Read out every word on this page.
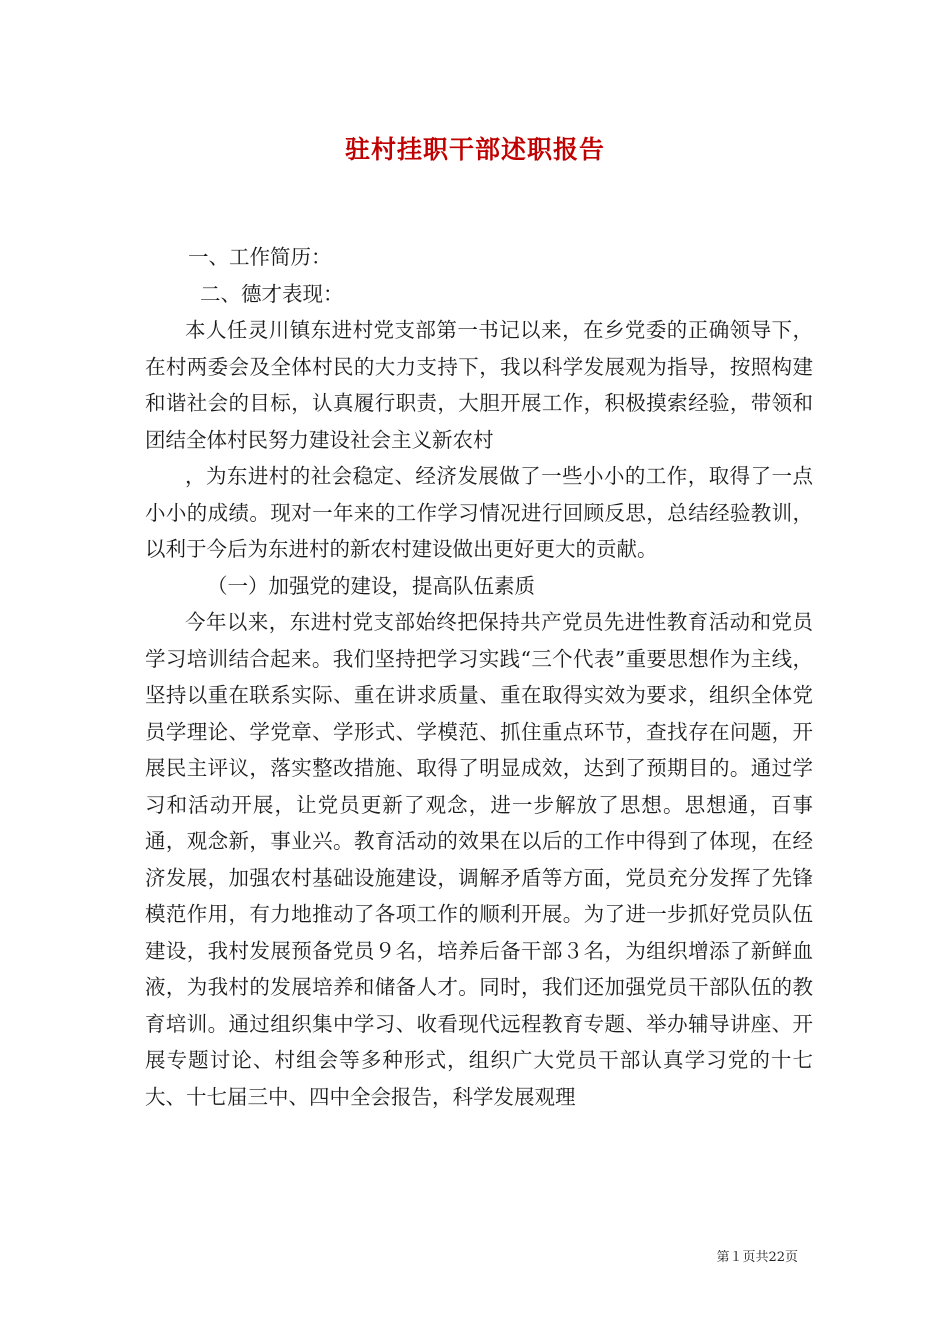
驻村挂职干部述职报告

一、工作简历：

二、德才表现：

本人任灵川镇东进村党支部第一书记以来，在乡党委的正确领导下，在村两委会及全体村民的大力支持下，我以科学发展观为指导，按照构建和谐社会的目标，认真履行职责，大胆开展工作，积极摸索经验，带领和团结全体村民努力建设社会主义新农村

，为东进村的社会稳定、经济发展做了一些小小的工作，取得了一点小小的成绩。现对一年来的工作学习情况进行回顾反思，总结经验教训，以利于今后为东进村的新农村建设做出更好更大的贡献。

（一）加强党的建设，提高队伍素质

今年以来，东进村党支部始终把保持共产党员先进性教育活动和党员学习培训结合起来。我们坚持把学习实践“三个代表”重要思想作为主线，坚持以重在联系实际、重在讲求质量、重在取得实效为要求，组织全体党员学理论、学党章、学形式、学模范、抓住重点环节，查找存在问题，开展民主评议，落实整改措施、取得了明显成效，达到了预期目的。通过学习和活动开展，让党员更新了观念，进一步解放了思想。思想通，百事通，观念新，事业兴。教育活动的效果在以后的工作中得到了体现，在经济发展，加强农村基础设施建设，调解矛盾等方面，党员充分发挥了先锋模范作用，有力地推动了各项工作的顺利开展。为了进一步抓好党员队伍建设，我村发展预备党员９名，培养后备干部３名，为组织增添了新鲜血液，为我村的发展培养和储备人才。同时，我们还加强党员干部队伍的教育培训。通过组织集中学习、收看现代远程教育专题、举办辅导讲座、开展专题讨论、村组会等多种形式，组织广大党员干部认真学习党的十七大、十七届三中、四中全会报告，科学发展观理

第１页共22页
